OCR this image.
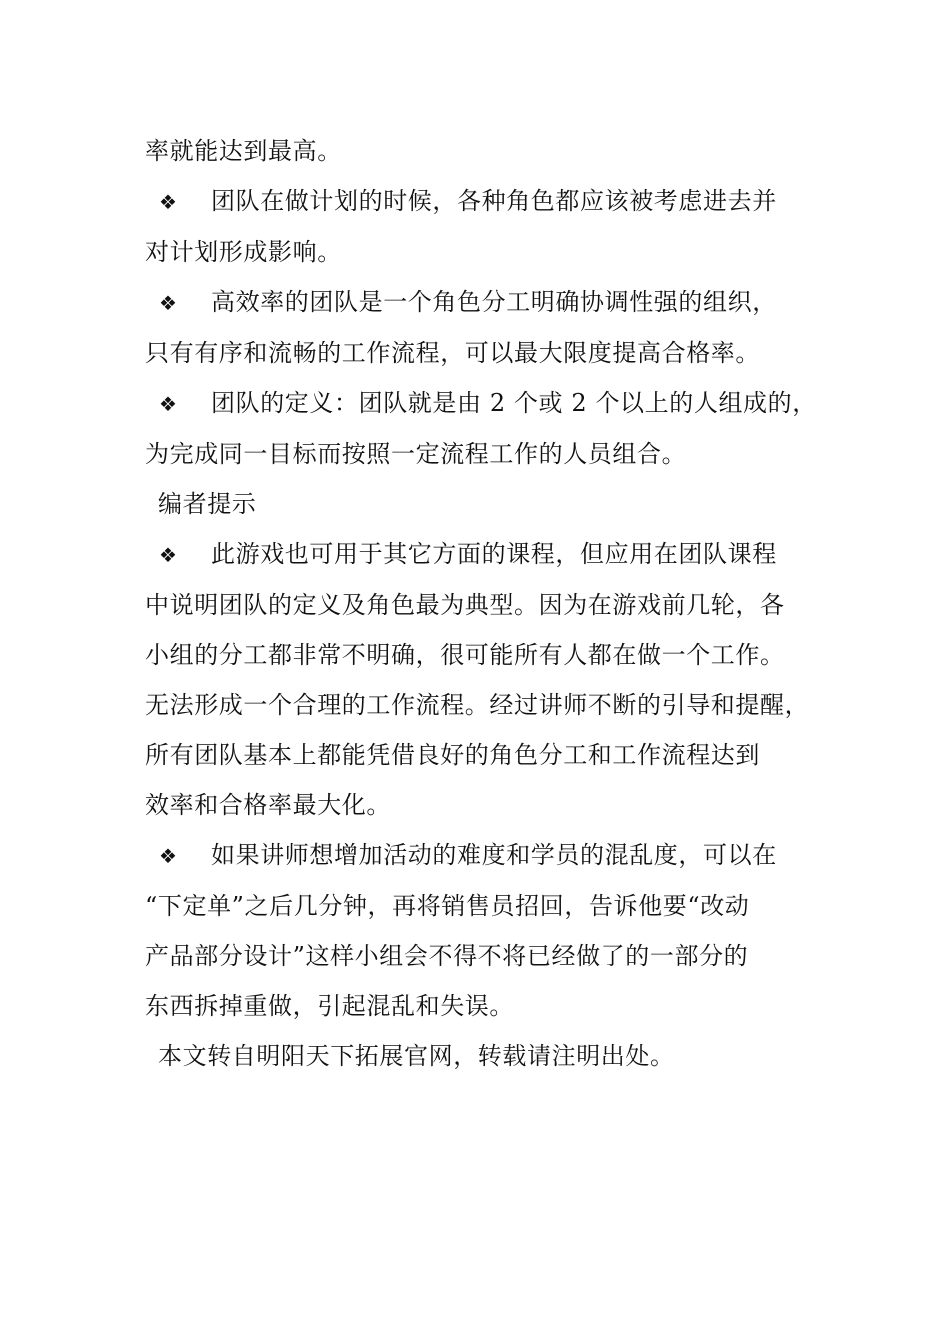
率就能达到最高。

❖ 团队在做计划的时候，各种角色都应该被考虑进去并
对计划形成影响。

❖ 高效率的团队是一个角色分工明确协调性强的组织，
只有有序和流畅的工作流程，可以最大限度提高合格率。

❖ 团队的定义：团队就是由 2 个或 2 个以上的人组成的，
为完成同一目标而按照一定流程工作的人员组合。

编者提示

❖ 此游戏也可用于其它方面的课程，但应用在团队课程
中说明团队的定义及角色最为典型。因为在游戏前几轮，各
小组的分工都非常不明确，很可能所有人都在做一个工作。
无法形成一个合理的工作流程。经过讲师不断的引导和提醒，
所有团队基本上都能凭借良好的角色分工和工作流程达到
效率和合格率最大化。

❖ 如果讲师想增加活动的难度和学员的混乱度，可以在
“下定单”之后几分钟，再将销售员招回，告诉他要“改动
产品部分设计”这样小组会不得不将已经做了的一部分的
东西拆掉重做，引起混乱和失误。

本文转自明阳天下拓展官网，转载请注明出处。
